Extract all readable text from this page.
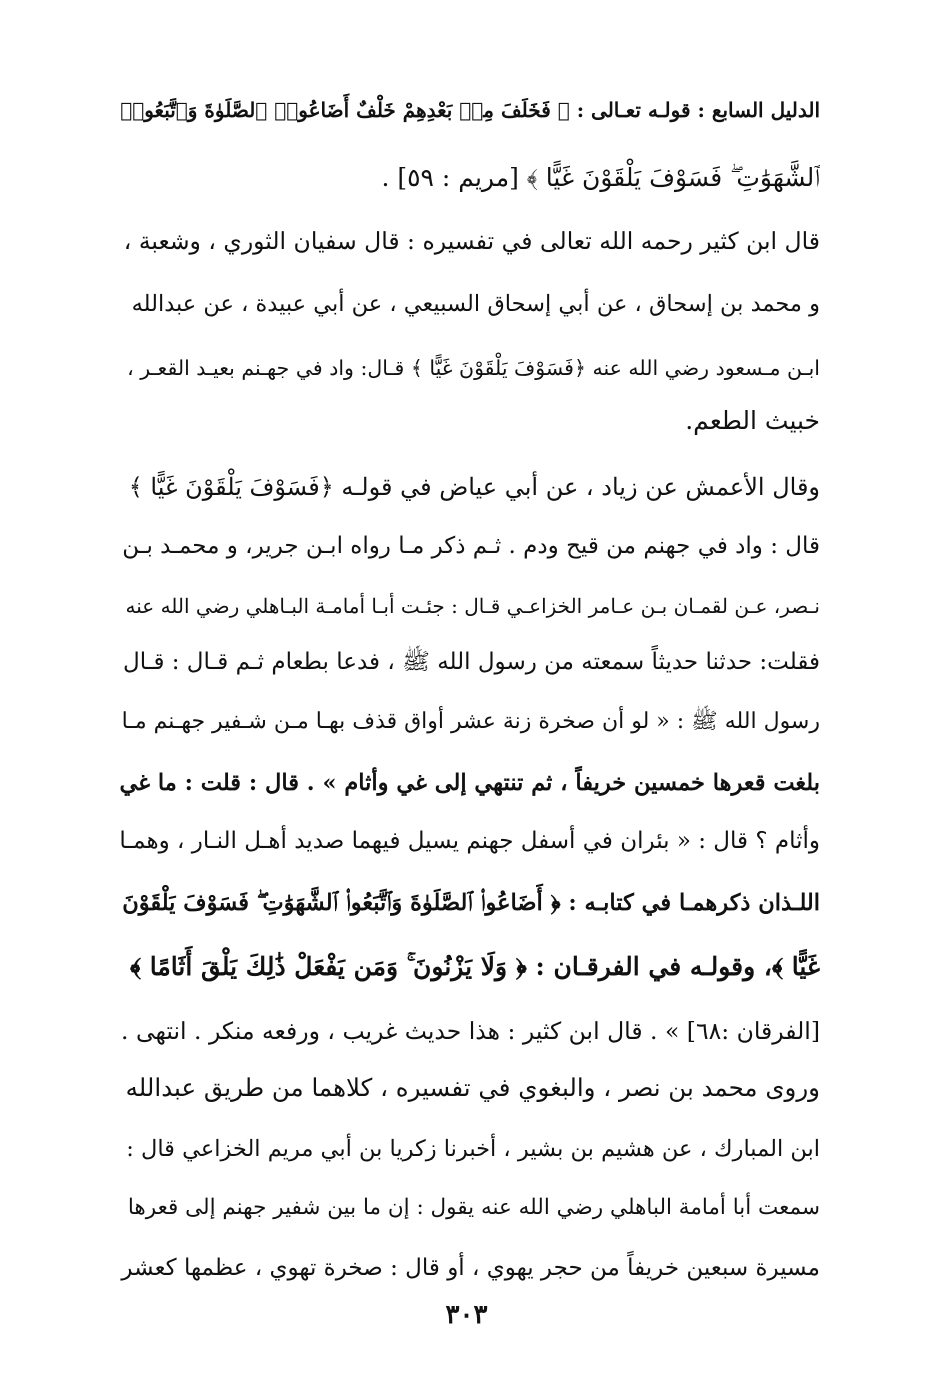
الدليل السابع : قولـه تعـالى : ﴿ فَخَلَفَ مِنۢ بَعْدِهِمْ خَلْفٌ أَضَاعُوا۟ ٱلصَّلَوٰةَ وَٱتَّبَعُوا۟
ٱلشَّهَوَٰتِ ۖ فَسَوْفَ يَلْقَوْنَ غَيًّا ﴾ [مريم : ٥٩] .
قال ابن كثير رحمه الله تعالى في تفسيره : قال سفيان الثوري ، وشعبة ،
و محمد بن إسحاق ، عن أبي إسحاق السبيعي ، عن أبي عبيدة ، عن عبدالله
ابـن مـسعود رضي الله عنه ﴿فَسَوْفَ يَلْقَوْنَ غَيًّا ﴾ قـال: واد في جهـنم بعيـد القعـر ،
خبيث الطعم.
وقال الأعمش عن زياد ، عن أبي عياض في قولـه ﴿فَسَوْفَ يَلْقَوْنَ غَيًّا ﴾
قال : واد في جهنم من قيح ودم . ثـم ذكر مـا رواه ابـن جرير، و محمـد بـن
نـصر، عـن لقمـان بـن عـامر الخزاعـي قـال : جئـت أبـا أمامـة البـاهلي رضي الله عنه
فقلت: حدثنا حديثاً سمعته من رسول الله ﷺ ، فدعا بطعام ثـم قـال : قـال
رسول الله ﷺ : « لو أن صخرة زنة عشر أواق قذف بهـا مـن شـفير جهـنم مـا
بلغت قعرها خمسين خريفاً ، ثم تنتهي إلى غي وأثام » . قال : قلت : ما غي
وأثام ؟ قال : « بئران في أسفل جهنم يسيل فيهما صديد أهـل النـار ، وهمـا
اللـذان ذكرهمـا في كتابـه : ﴿ أَضَاعُوا۟ ٱلصَّلَوٰةَ وَٱتَّبَعُوا۟ ٱلشَّهَوَٰتِ ۖ فَسَوْفَ يَلْقَوْنَ
غَيًّا ﴾، وقولـه في الفرقـان : ﴿ وَلَا يَزْنُونَ ۚ وَمَن يَفْعَلْ ذَٰلِكَ يَلْقَ أَثَامًا ﴾
[الفرقان :٦٨] » . قال ابن كثير : هذا حديث غريب ، ورفعه منكر . انتهى .
وروى محمد بن نصر ، والبغوي في تفسيره ، كلاهما من طريق عبدالله
ابن المبارك ، عن هشيم بن بشير ، أخبرنا زكريا بن أبي مريم الخزاعي قال :
سمعت أبا أمامة الباهلي رضي الله عنه يقول : إن ما بين شفير جهنم إلى قعرها
مسيرة سبعين خريفاً من حجر يهوي ، أو قال : صخرة تهوي ، عظمها كعشر
٣٠٣
